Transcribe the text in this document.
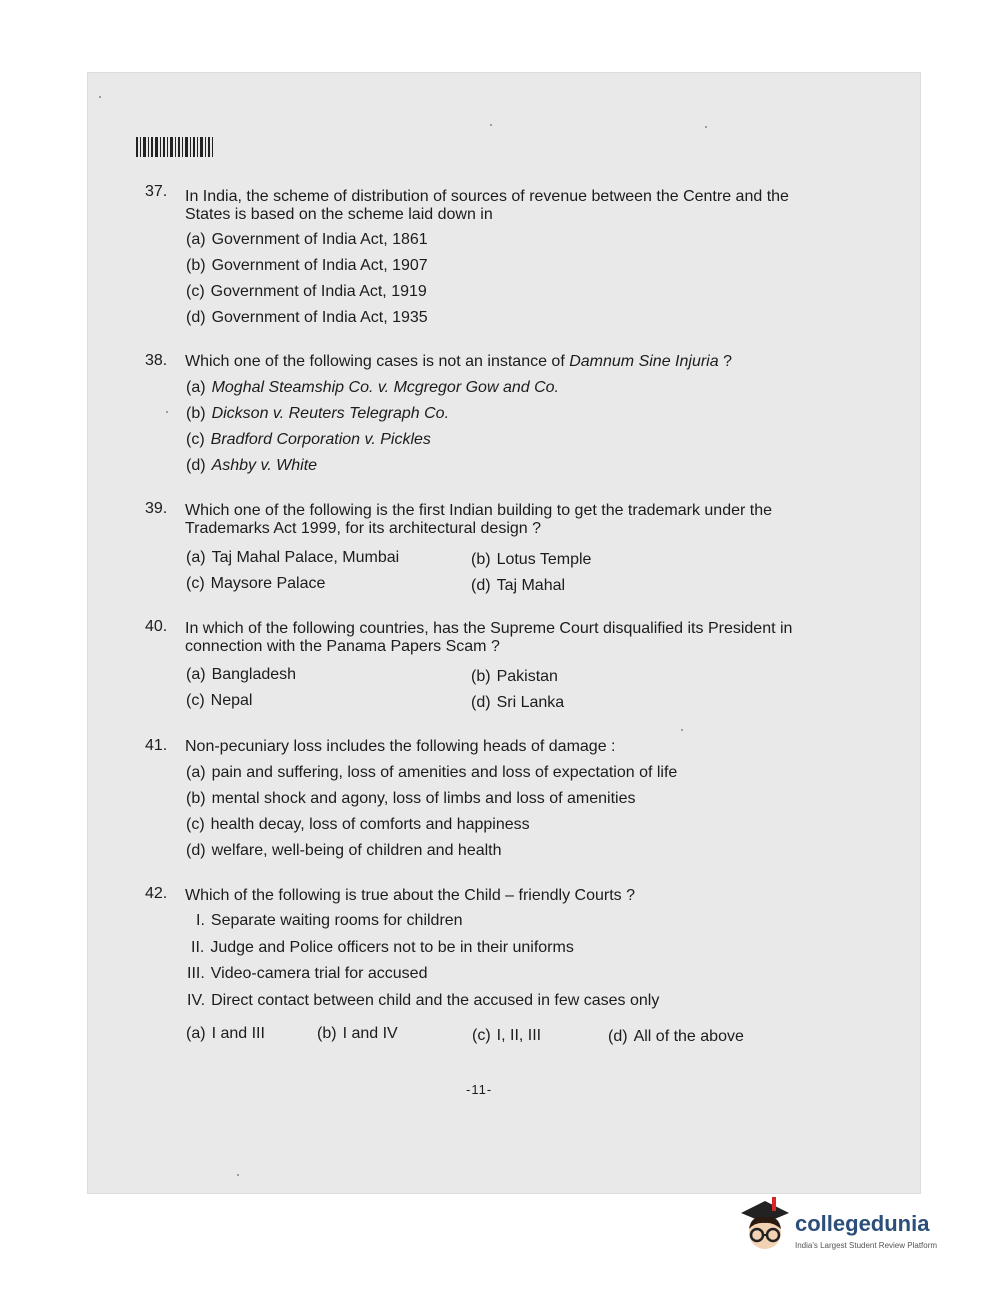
37. In India, the scheme of distribution of sources of revenue between the Centre and the States is based on the scheme laid down in
(a) Government of India Act, 1861
(b) Government of India Act, 1907
(c) Government of India Act, 1919
(d) Government of India Act, 1935
38. Which one of the following cases is not an instance of Damnum Sine Injuria ?
(a) Moghal Steamship Co. v. Mcgregor Gow and Co.
(b) Dickson v. Reuters Telegraph Co.
(c) Bradford Corporation v. Pickles
(d) Ashby v. White
39. Which one of the following is the first Indian building to get the trademark under the Trademarks Act 1999, for its architectural design ?
(a) Taj Mahal Palace, Mumbai	(b) Lotus Temple
(c) Maysore Palace	(d) Taj Mahal
40. In which of the following countries, has the Supreme Court disqualified its President in connection with the Panama Papers Scam ?
(a) Bangladesh	(b) Pakistan
(c) Nepal	(d) Sri Lanka
41. Non-pecuniary loss includes the following heads of damage :
(a) pain and suffering, loss of amenities and loss of expectation of life
(b) mental shock and agony, loss of limbs and loss of amenities
(c) health decay, loss of comforts and happiness
(d) welfare, well-being of children and health
42. Which of the following is true about the Child – friendly Courts ?
I. Separate waiting rooms for children
II. Judge and Police officers not to be in their uniforms
III. Video-camera trial for accused
IV. Direct contact between child and the accused in few cases only
(a) I and III	(b) I and IV	(c) I, II, III	(d) All of the above
-11-
collegedunia
India's Largest Student Review Platform
